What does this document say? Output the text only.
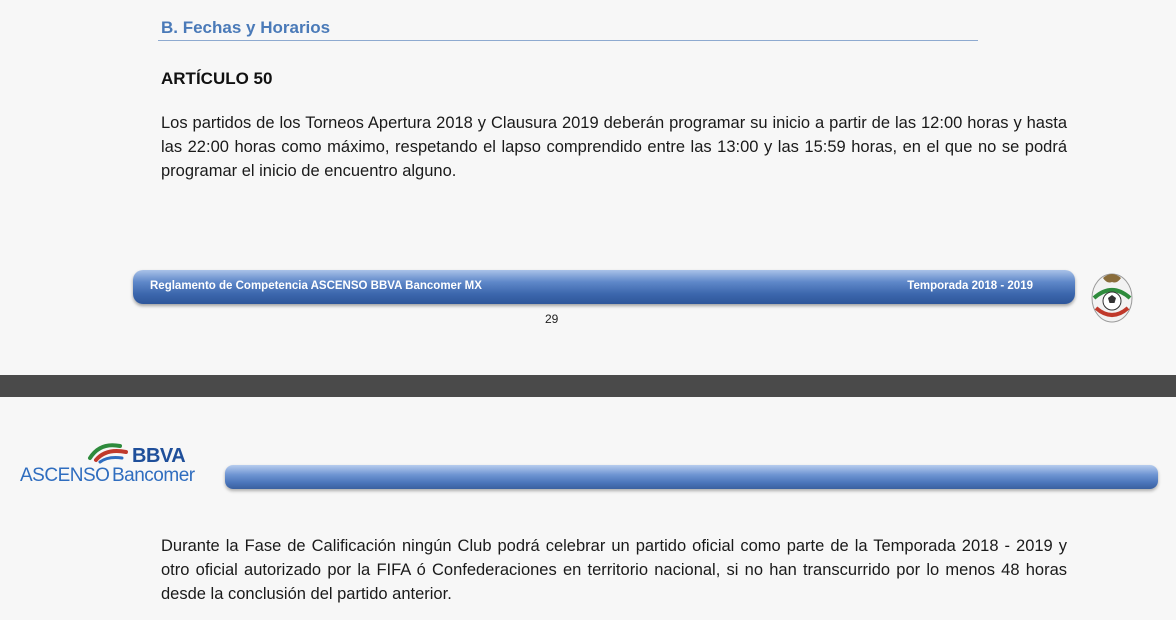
B. Fechas y Horarios
ARTÍCULO 50
Los partidos de los Torneos Apertura 2018 y Clausura 2019 deberán programar su inicio a partir de las 12:00 horas y hasta las 22:00 horas como máximo, respetando el lapso comprendido entre las 13:00 y las 15:59 horas, en el que no se podrá programar el inicio de encuentro alguno.
Reglamento de Competencia ASCENSO BBVA Bancomer MX	Temporada 2018 - 2019
29
BBVA
ASCENSO Bancomer
Durante la Fase de Calificación ningún Club podrá celebrar un partido oficial como parte de la Temporada 2018 - 2019 y otro oficial autorizado por la FIFA ó Confederaciones en territorio nacional, si no han transcurrido por lo menos 48 horas desde la conclusión del partido anterior.
